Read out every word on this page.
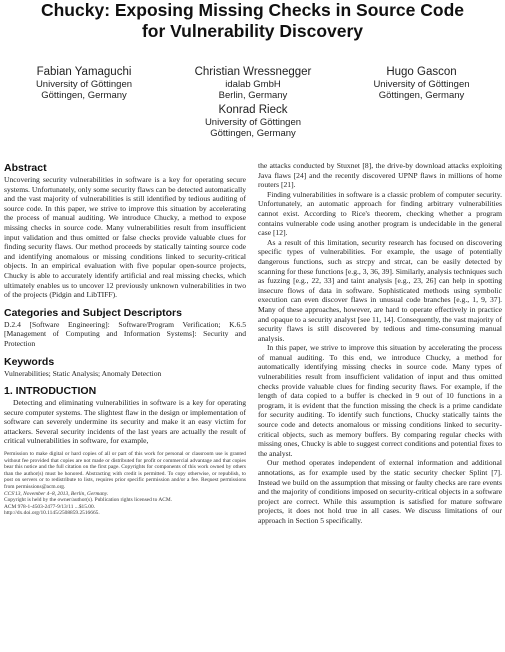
Chucky: Exposing Missing Checks in Source Code
for Vulnerability Discovery
Fabian Yamaguchi
University of Göttingen
Göttingen, Germany
Christian Wressnegger
idalab GmbH
Berlin, Germany
Hugo Gascon
University of Göttingen
Göttingen, Germany
Konrad Rieck
University of Göttingen
Göttingen, Germany

Abstract

Uncovering security vulnerabilities in software is a key for operating secure systems. Unfortunately, only some security flaws can be detected automatically and the vast majority of vulnerabilities is still identified by tedious auditing of source code. In this paper, we strive to improve this situation by accelerating the process of manual auditing. We introduce Chucky, a method to expose missing checks in source code. Many vulnerabilities result from insufficient input validation and thus omitted or false checks provide valuable clues for finding security flaws. Our method proceeds by statically tainting source code and identifying anomalous or missing conditions linked to security-critical objects. In an empirical evaluation with five popular open-source projects, Chucky is able to accurately identify artificial and real missing checks, which ultimately enables us to uncover 12 previously unknown vulnerabilities in two of the projects (Pidgin and LibTIFF).

Categories and Subject Descriptors

D.2.4 [Software Engineering]: Software/Program Verification; K.6.5 [Management of Computing and Information Systems]: Security and Protection

Keywords

Vulnerabilities; Static Analysis; Anomaly Detection

1. INTRODUCTION

Detecting and eliminating vulnerabilities in software is a key for operating secure computer systems. The slightest flaw in the design or implementation of software can severely undermine its security and make it an easy victim for attackers. Several security incidents of the last years are actually the result of critical vulnerabilities in software, for example,

Permission to make digital or hard copies of all or part of this work for personal or classroom use is granted without fee provided that copies are not made or distributed for profit or commercial advantage and that copies bear this notice and the full citation on the first page. Copyrights for components of this work owned by others than the author(s) must be honored. Abstracting with credit is permitted. To copy otherwise, or republish, to post on servers or to redistribute to lists, requires prior specific permission and/or a fee. Request permissions from permissions@acm.org.

CCS'13, November 4–8, 2013, Berlin, Germany.

Copyright is held by the owner/author(s). Publication rights licensed to ACM.

ACM 978-1-4503-2477-9/13/11 ...$15.00.

http://dx.doi.org/10.1145/2508859.2516665.

the attacks conducted by Stuxnet [8], the drive-by download attacks exploiting Java flaws [24] and the recently discovered UPNP flaws in millions of home routers [21].

Finding vulnerabilities in software is a classic problem of computer security. Unfortunately, an automatic approach for finding arbitrary vulnerabilities cannot exist. According to Rice's theorem, checking whether a program contains vulnerable code using another program is undecidable in the general case [12].

As a result of this limitation, security research has focused on discovering specific types of vulnerabilities. For example, the usage of potentially dangerous functions, such as strcpy and strcat, can be easily detected by scanning for these functions [e.g., 3, 36, 39]. Similarly, analysis techniques such as fuzzing [e.g., 22, 33] and taint analysis [e.g., 23, 26] can help in spotting insecure flows of data in software. Sophisticated methods using symbolic execution can even discover flaws in unusual code branches [e.g., 1, 9, 37]. Many of these approaches, however, are hard to operate effectively in practice and opaque to a security analyst [see 11, 14]. Consequently, the vast majority of security flaws is still discovered by tedious and time-consuming manual analysis.

In this paper, we strive to improve this situation by accelerating the process of manual auditing. To this end, we introduce Chucky, a method for automatically identifying missing checks in source code. Many types of vulnerabilities result from insufficient validation of input and thus omitted checks provide valuable clues for finding security flaws. For example, if the length of data copied to a buffer is checked in 9 out of 10 functions in a program, it is evident that the function missing the check is a prime candidate for security auditing. To identify such functions, Chucky statically taints the source code and detects anomalous or missing conditions linked to security-critical objects, such as memory buffers. By comparing regular checks with missing ones, Chucky is able to suggest correct conditions and potential fixes to the analyst.

Our method operates independent of external information and additional annotations, as for example used by the static security checker Splint [7]. Instead we build on the assumption that missing or faulty checks are rare events and the majority of conditions imposed on security-critical objects in a software project are correct. While this assumption is satisfied for mature software projects, it does not hold true in all cases. We discuss limitations of our approach in Section 5 specifically.
